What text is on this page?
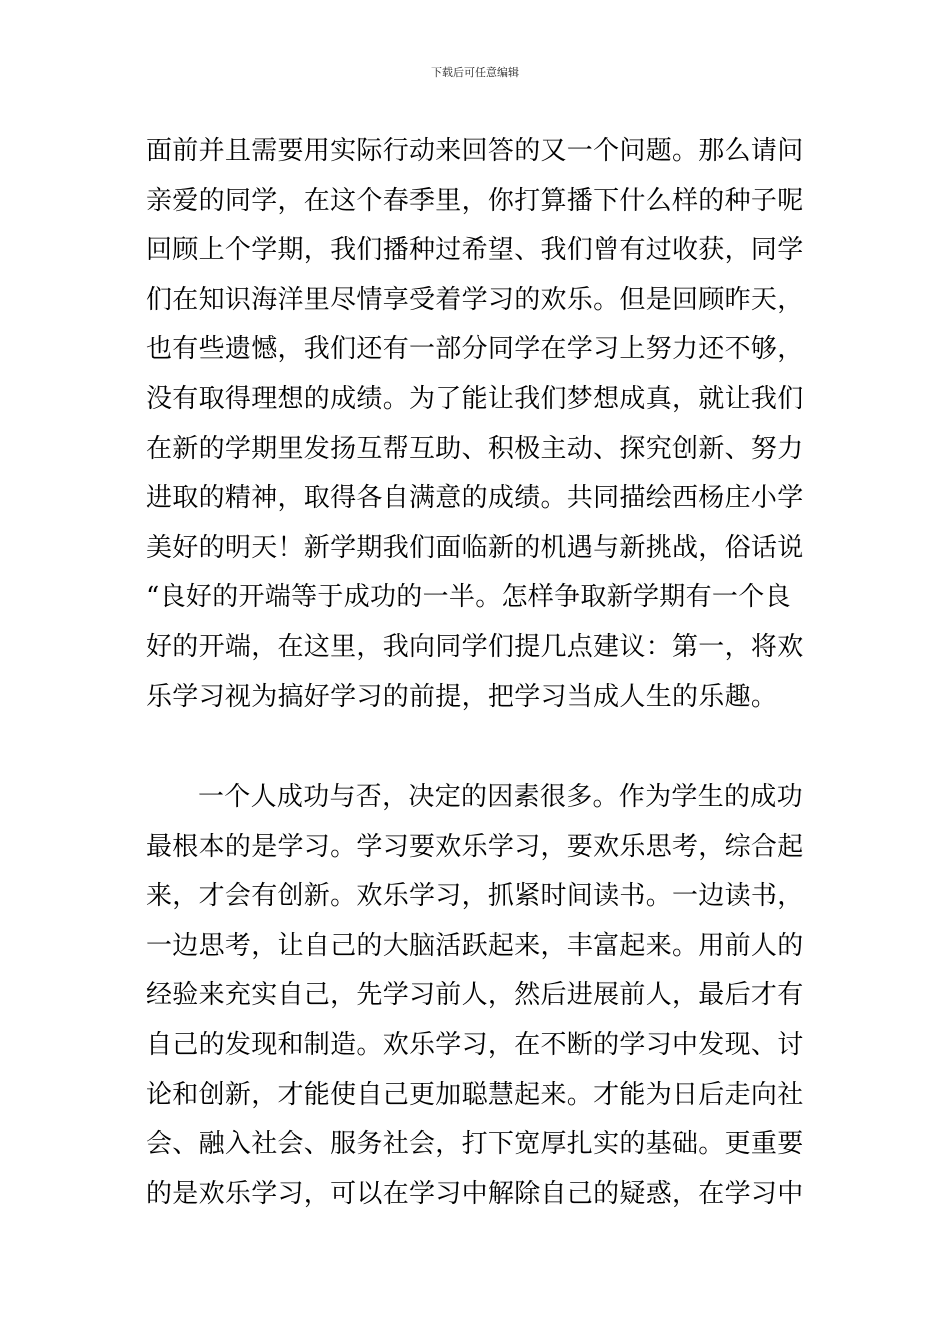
下载后可任意编辑
面前并且需要用实际行动来回答的又一个问题。那么请问
亲爱的同学，在这个春季里，你打算播下什么样的种子呢
回顾上个学期，我们播种过希望、我们曾有过收获，同学
们在知识海洋里尽情享受着学习的欢乐。但是回顾昨天，
也有些遗憾，我们还有一部分同学在学习上努力还不够，
没有取得理想的成绩。为了能让我们梦想成真，就让我们
在新的学期里发扬互帮互助、积极主动、探究创新、努力
进取的精神，取得各自满意的成绩。共同描绘西杨庄小学
美好的明天！新学期我们面临新的机遇与新挑战，俗话说
“良好的开端等于成功的一半。怎样争取新学期有一个良
好的开端，在这里，我向同学们提几点建议：第一，将欢
乐学习视为搞好学习的前提，把学习当成人生的乐趣。
一个人成功与否，决定的因素很多。作为学生的成功
最根本的是学习。学习要欢乐学习，要欢乐思考，综合起
来，才会有创新。欢乐学习，抓紧时间读书。一边读书，
一边思考，让自己的大脑活跃起来，丰富起来。用前人的
经验来充实自己，先学习前人，然后进展前人，最后才有
自己的发现和制造。欢乐学习，在不断的学习中发现、讨
论和创新，才能使自己更加聪慧起来。才能为日后走向社
会、融入社会、服务社会，打下宽厚扎实的基础。更重要
的是欢乐学习，可以在学习中解除自己的疑惑，在学习中
